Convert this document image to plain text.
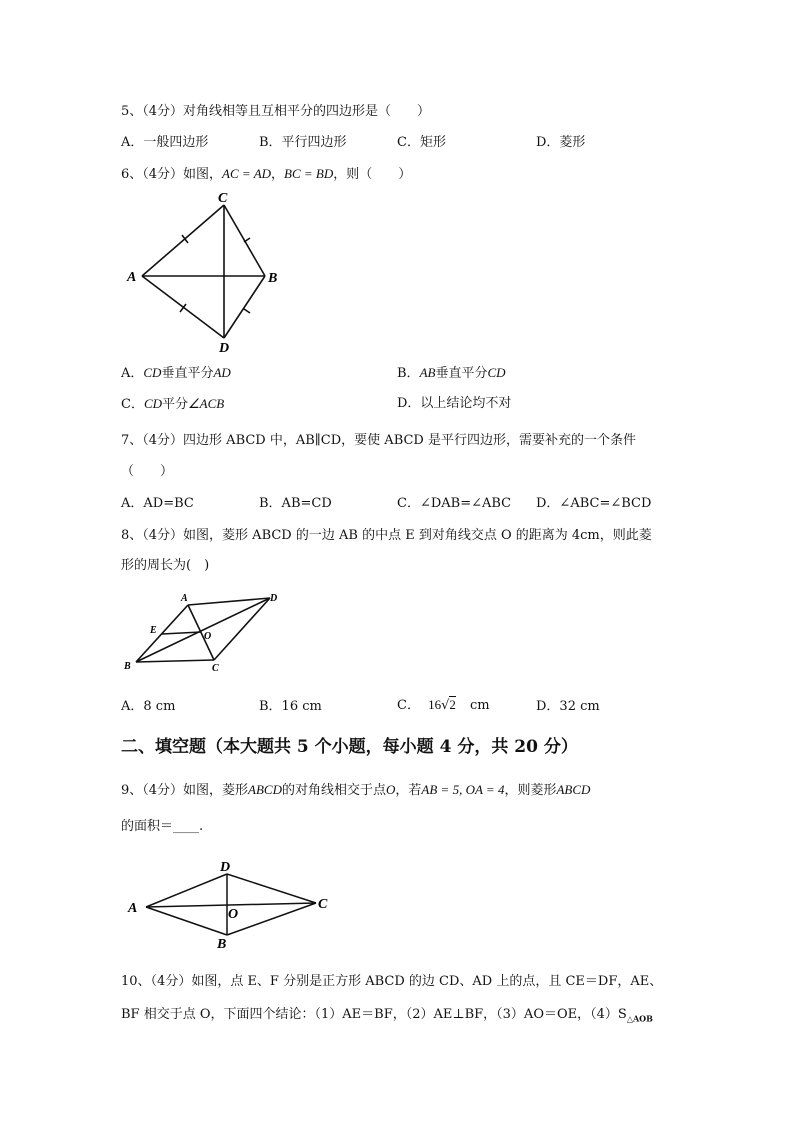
5、（4分）对角线相等且互相平分的四边形是（　　）
A．一般四边形	B．平行四边形	C．矩形	D．菱形
6、（4分）如图，AC = AD，BC = BD，则（　　）
C
A	B
D
A．CD垂直平分AD	B．AB垂直平分CD
C．CD平分∠ACB	D．以上结论均不对
7、（4分）四边形 ABCD 中，AB∥CD，要使 ABCD 是平行四边形，需要补充的一个条件
（　　）
A．AD=BC	B．AB=CD	C．∠DAB=∠ABC D．∠ABC=∠BCD
8、（4分）如图，菱形 ABCD 的一边 AB 的中点 E 到对角线交点 O 的距离为 4cm，则此菱
形的周长为(　)
A	D
E
O
B	C
A．8 cm	B．16 cm	C． 16√2 cm	D．32 cm
二、填空题（本大题共 5 个小题，每小题 4 分，共 20 分）
9、（4分）如图，菱形ABCD的对角线相交于点O，若AB = 5, OA = 4，则菱形ABCD
的面积＝____.
D
A	C
O
B
10、（4分）如图，点 E、F 分别是正方形 ABCD 的边 CD、AD 上的点，且 CE＝DF，AE、
BF 相交于点 O，下面四个结论：（1）AE＝BF，（2）AE⊥BF，（3）AO＝OE，$(4)S_{\triangle AOB}$
